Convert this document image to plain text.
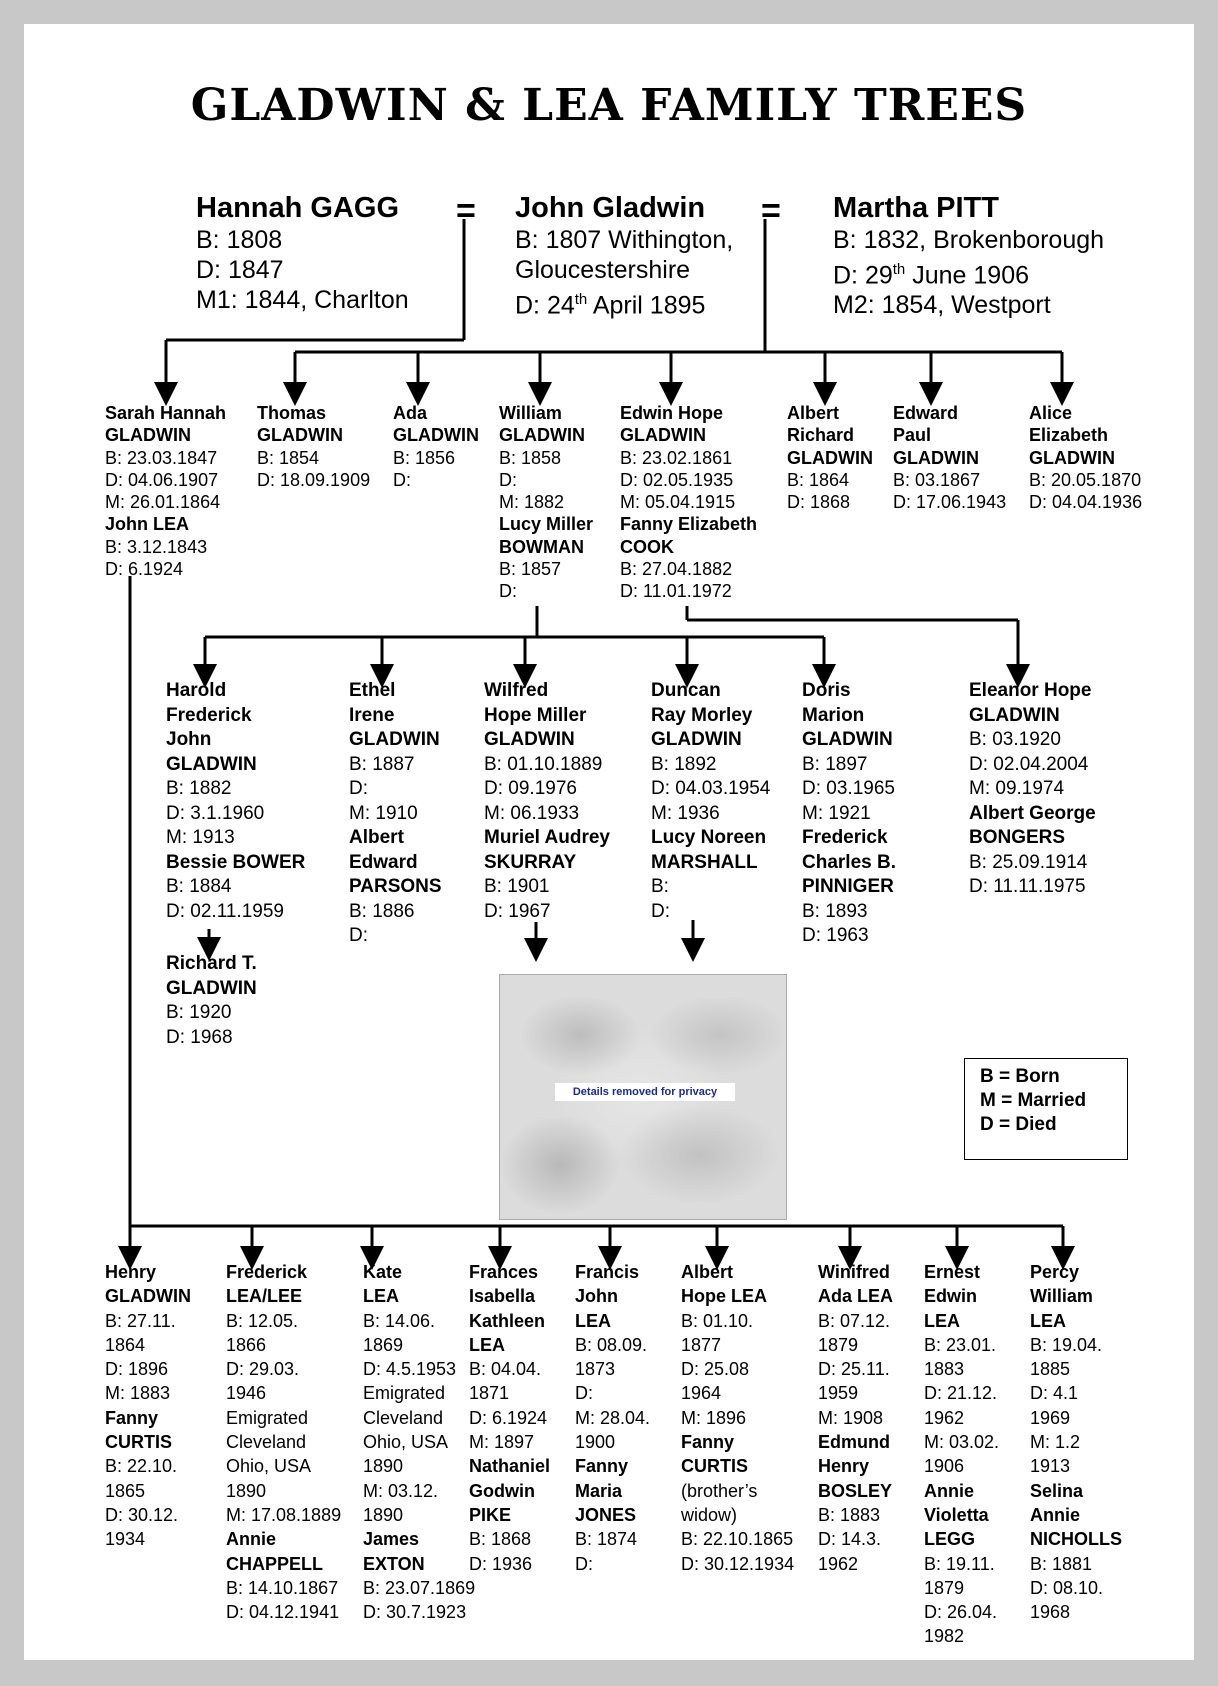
GLADWIN & LEA FAMILY TREES
Hannah GAGG
B: 1808
D: 1847
M1: 1844, Charlton
= John Gladwin
B: 1807 Withington,
Gloucestershire
D: 24th April 1895
= Martha PITT
B: 1832, Brokenborough
D: 29th June 1906
M2: 1854, Westport
Sarah Hannah
GLADWIN
B: 23.03.1847
D: 04.06.1907
M: 26.01.1864
John LEA
B: 3.12.1843
D: 6.1924
Thomas
GLADWIN
B: 1854
D: 18.09.1909
Ada
GLADWIN
B: 1856
D:
William
GLADWIN
B: 1858
D:
M: 1882
Lucy Miller
BOWMAN
B: 1857
D:
Edwin Hope
GLADWIN
B: 23.02.1861
D: 02.05.1935
M: 05.04.1915
Fanny Elizabeth
COOK
B: 27.04.1882
D: 11.01.1972
Albert
Richard
GLADWIN
B: 1864
D: 1868
Edward
Paul
GLADWIN
B: 03.1867
D: 17.06.1943
Alice
Elizabeth
GLADWIN
B: 20.05.1870
D: 04.04.1936
Harold
Frederick
John
GLADWIN
B: 1882
D: 3.1.1960
M: 1913
Bessie BOWER
B: 1884
D: 02.11.1959
Ethel
Irene
GLADWIN
B: 1887
D:
M: 1910
Albert
Edward
PARSONS
B: 1886
D:
Wilfred
Hope Miller
GLADWIN
B: 01.10.1889
D: 09.1976
M: 06.1933
Muriel Audrey
SKURRAY
B: 1901
D: 1967
Duncan
Ray Morley
GLADWIN
B: 1892
D: 04.03.1954
M: 1936
Lucy Noreen
MARSHALL
B:
D:
Doris
Marion
GLADWIN
B: 1897
D: 03.1965
M: 1921
Frederick
Charles B.
PINNIGER
B: 1893
D: 1963
Eleanor Hope
GLADWIN
B: 03.1920
D: 02.04.2004
M: 09.1974
Albert George
BONGERS
B: 25.09.1914
D: 11.11.1975
Richard T.
GLADWIN
B: 1920
D: 1968
Details removed for privacy
B = Born
M = Married
D = Died
Henry
GLADWIN
B: 27.11.
1864
D: 1896
M: 1883
Fanny
CURTIS
B: 22.10.
1865
D: 30.12.
1934
Frederick
LEA/LEE
B: 12.05.
1866
D: 29.03.
1946
Emigrated
Cleveland
Ohio, USA
1890
M: 17.08.1889
Annie
CHAPPELL
B: 14.10.1867
D: 04.12.1941
Kate
LEA
B: 14.06.
1869
D: 4.5.1953
Emigrated
Cleveland
Ohio, USA
1890
M: 03.12.
1890
James
EXTON
B: 23.07.1869
D: 30.7.1923
Frances
Isabella
Kathleen
LEA
B: 04.04.
1871
D: 6.1924
M: 1897
Nathaniel
Godwin
PIKE
B: 1868
D: 1936
Francis
John
LEA
B: 08.09.
1873
D:
M: 28.04.
1900
Fanny
Maria
JONES
B: 1874
D:
Albert
Hope LEA
B: 01.10.
1877
D: 25.08
1964
M: 1896
Fanny
CURTIS
(brother’s
widow)
B: 22.10.1865
D: 30.12.1934
Winifred
Ada LEA
B: 07.12.
1879
D: 25.11.
1959
M: 1908
Edmund
Henry
BOSLEY
B: 1883
D: 14.3.
1962
Ernest
Edwin
LEA
B: 23.01.
1883
D: 21.12.
1962
M: 03.02.
1906
Annie
Violetta
LEGG
B: 19.11.
1879
D: 26.04.
1982
Percy
William
LEA
B: 19.04.
1885
D: 4.1
1969
M: 1.2
1913
Selina
Annie
NICHOLLS
B: 1881
D: 08.10.
1968
